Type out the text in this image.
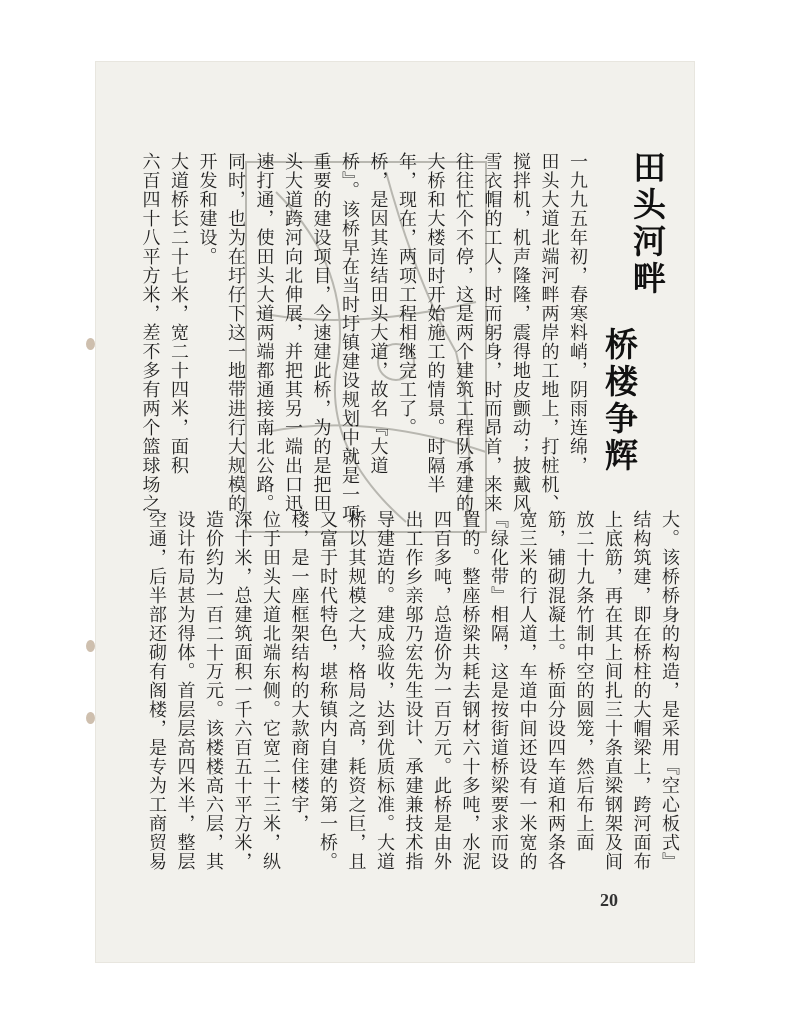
田头河畔
桥楼争辉
一九九五年初，春寒料峭，阴雨连绵，
田头大道北端河畔两岸的工地上，打桩机、
搅拌机，机声隆隆，震得地皮颤动；披戴风
雪衣帽的工人，时而躬身，时而昂首，来来
往往忙个不停，这是两个建筑工程队承建的
大桥和大楼同时开始施工的情景。时隔半
年，现在，两项工程相继完工了。
桥，是因其连结田头大道，故名『大道
桥』。该桥早在当时圩镇建设规划中就是一项
重要的建设项目，今速建此桥，为的是把田
头大道跨河向北伸展，并把其另一端出口迅
速打通，使田头大道两端都通接南北公路。
同时，也为在圩仔下这一地带进行大规模的
开发和建设。
大道桥长二十七米，宽二十四米，面积
六百四十八平方米，差不多有两个篮球场之
大。该桥桥身的构造，是采用『空心板式』
结构筑建，即在桥柱的大帽梁上，跨河面布
上底筋，再在其上间扎三十条直梁钢架及间
放二十九条竹制中空的圆笼，然后布上面
筋，铺砌混凝土。桥面分设四车道和两条各
宽三米的行人道，车道中间还设有一米宽的
『绿化带』相隔，这是按街道桥梁要求而设
置的。整座桥梁共耗去钢材六十多吨，水泥
四百多吨，总造价为一百万元。此桥是由外
出工作乡亲邬乃宏先生设计、承建兼技术指
导建造的。建成验收，达到优质标准。大道
桥以其规模之大，格局之高，耗资之巨，且
又富于时代特色，堪称镇内自建的第一桥。
楼，是一座框架结构的大款商住楼宇，
位于田头大道北端东侧。它宽二十三米，纵
深十米，总建筑面积一千六百五十平方米，
造价约为一百二十万元。该楼楼高六层，其
设计布局甚为得体。首层层高四米半，整层
空通，后半部还砌有阁楼，是专为工商贸易
20
